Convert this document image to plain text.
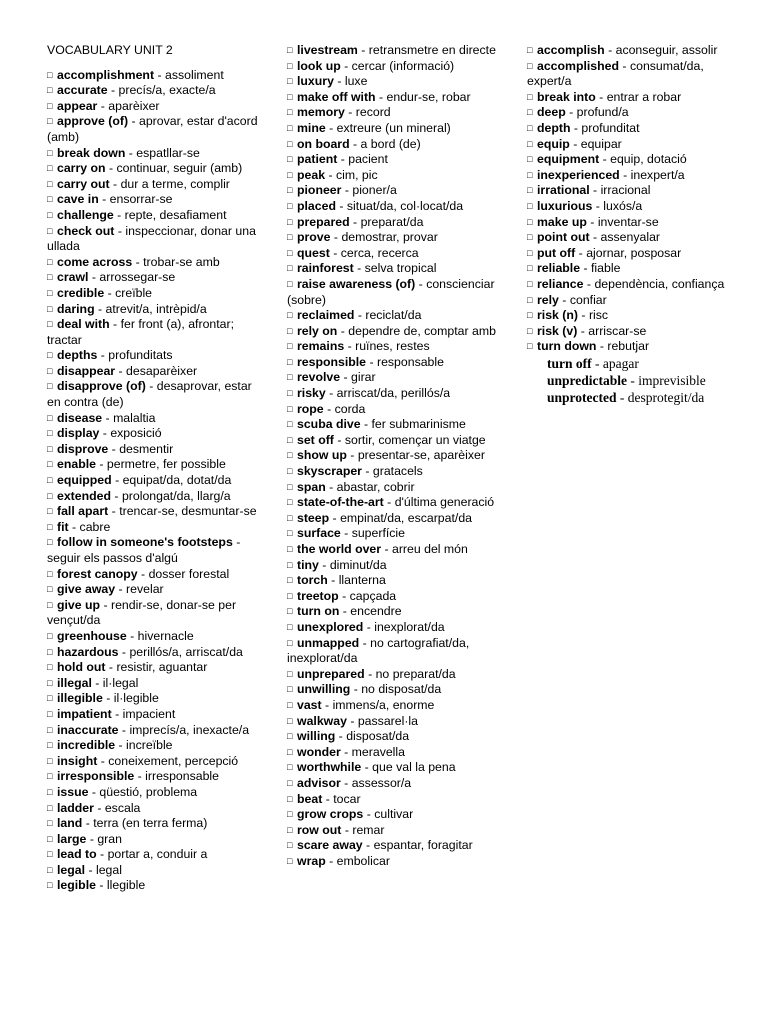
VOCABULARY UNIT 2
□ accomplishment - assoliment
□ accurate - precís/a, exacte/a
□ appear - aparèixer
□ approve (of) - aprovar, estar d'acord (amb)
□ break down - espatllar-se
□ carry on - continuar, seguir (amb)
□ carry out - dur a terme, complir
□ cave in - ensorrar-se
□ challenge - repte, desafiament
□ check out - inspeccionar, donar una ullada
□ come across - trobar-se amb
□ crawl - arrossegar-se
□ credible - creïble
□ daring - atrevit/a, intrèpid/a
□ deal with - fer front (a), afrontar; tractar
□ depths - profunditats
□ disappear - desaparèixer
□ disapprove (of) - desaprovar, estar en contra (de)
□ disease - malaltia
□ display - exposició
□ disprove - desmentir
□ enable - permetre, fer possible
□ equipped - equipat/da, dotat/da
□ extended - prolongat/da, llarg/a
□ fall apart - trencar-se, desmuntar-se
□ fit - cabre
□ follow in someone's footsteps - seguir els passos d'algú
□ forest canopy - dosser forestal
□ give away - revelar
□ give up - rendir-se, donar-se per vençut/da
□ greenhouse - hivernacle
□ hazardous - perillós/a, arriscat/da
□ hold out - resistir, aguantar
□ illegal - il·legal
□ illegible - il·legible
□ impatient - impacient
□ inaccurate - imprecís/a, inexacte/a
□ incredible - increïble
□ insight - coneixement, percepció
□ irresponsible - irresponsable
□ issue - qüestió, problema
□ ladder - escala
□ land - terra (en terra ferma)
□ large - gran
□ lead to - portar a, conduir a
□ legal - legal
□ legible - llegible
□ livestream - retransmetre en directe
□ look up - cercar (informació)
□ luxury - luxe
□ make off with - endur-se, robar
□ memory - record
□ mine - extreure (un mineral)
□ on board - a bord (de)
□ patient - pacient
□ peak - cim, pic
□ pioneer - pioner/a
□ placed - situat/da, col·locat/da
□ prepared - preparat/da
□ prove - demostrar, provar
□ quest - cerca, recerca
□ rainforest - selva tropical
□ raise awareness (of) - conscienciar (sobre)
□ reclaimed - reciclat/da
□ rely on - dependre de, comptar amb
□ remains - ruïnes, restes
□ responsible - responsable
□ revolve - girar
□ risky - arriscat/da, perillós/a
□ rope - corda
□ scuba dive - fer submarinisme
□ set off - sortir, començar un viatge
□ show up - presentar-se, aparèixer
□ skyscraper - gratacels
□ span - abastar, cobrir
□ state-of-the-art - d'última generació
□ steep - empinat/da, escarpat/da
□ surface - superfície
□ the world over - arreu del món
□ tiny - diminut/da
□ torch - llanterna
□ treetop - capçada
□ turn on - encendre
□ unexplored - inexplorat/da
□ unmapped - no cartografiat/da, inexplorat/da
□ unprepared - no preparat/da
□ unwilling - no disposat/da
□ vast - immens/a, enorme
□ walkway - passarel·la
□ willing - disposat/da
□ wonder - meravella
□ worthwhile - que val la pena
□ advisor - assessor/a
□ beat - tocar
□ grow crops - cultivar
□ row out - remar
□ scare away - espantar, foragitar
□ wrap - embolicar
□ accomplish - aconseguir, assolir
□ accomplished - consumat/da, expert/a
□ break into - entrar a robar
□ deep - profund/a
□ depth - profunditat
□ equip - equipar
□ equipment - equip, dotació
□ inexperienced - inexpert/a
□ irrational - irracional
□ luxurious - luxós/a
□ make up - inventar-se
□ point out - assenyalar
□ put off - ajornar, posposar
□ reliable - fiable
□ reliance - dependència, confiança
□ rely - confiar
□ risk (n) - risc
□ risk (v) - arriscar-se
□ turn down - rebutjar
turn off - apagar
unpredictable - imprevisible
unprotected - desprotegit/da
